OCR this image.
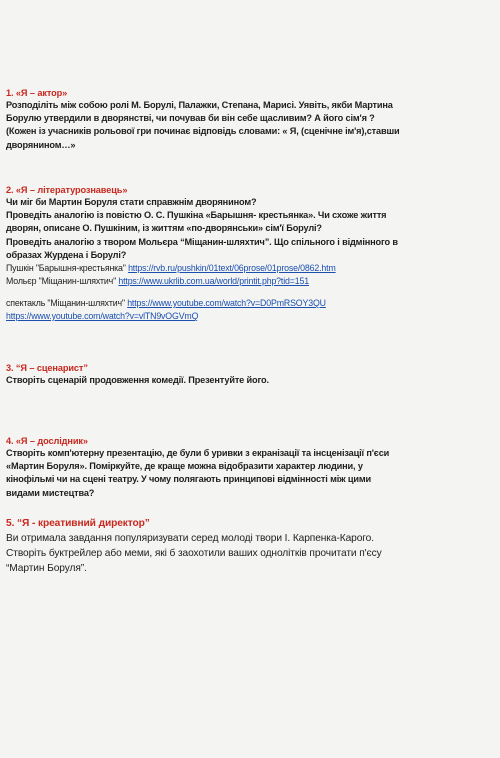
1. «Я – актор»
Розподіліть між собою ролі М. Борулі, Палажки, Степана, Марисі. Уявіть, якби Мартина
Борулю утвердили в дворянстві, чи почував би він себе щасливим? А його сім'я ?
(Кожен із учасників рольової гри починає відповідь словами: « Я, (сценічне ім'я),ставши
дворянином…»
2. «Я – літературознавець»
Чи міг би Мартин Боруля стати справжнім дворянином?
Проведіть аналогію із повістю О. С. Пушкіна «Барышня- крестьянка». Чи схоже життя
дворян, описане О. Пушкіним, із життям «по-дворянськи» сім'ї Борулі?
Проведіть аналогію з твором Мольєра “Міщанин-шляхтич”. Що спільного і відмінного в
образах Журдена і Борулі?
Пушкін "Барышня-крестьянка" https://rvb.ru/pushkin/01text/06prose/01prose/0862.htm
Мольєр "Міщанин-шляхтич" https://www.ukrlib.com.ua/world/printit.php?tid=151
спектакль "Міщанин-шляхтич" https://www.youtube.com/watch?v=D0PmRSOY3QU
https://www.youtube.com/watch?v=vlTN9vOGVmQ
3. “Я – сценарист”
Створіть сценарій продовження комедії. Презентуйте його.
4. «Я – дослідник»
Створіть комп'ютерну презентацію, де були б уривки з екранізації та інсценізації п'єси
«Мартин Боруля». Поміркуйте, де краще можна відобразити характер людини, у
кінофільмі чи на сцені театру. У чому полягають принципові відмінності між цими
видами мистецтва?
5. “Я - креативний директор”
Ви отримала завдання популяризувати серед молоді твори І. Карпенка-Карого.
Створіть буктрейлер або меми, які б заохотили ваших однолітків прочитати п'єсу
“Мартин Боруля”.
